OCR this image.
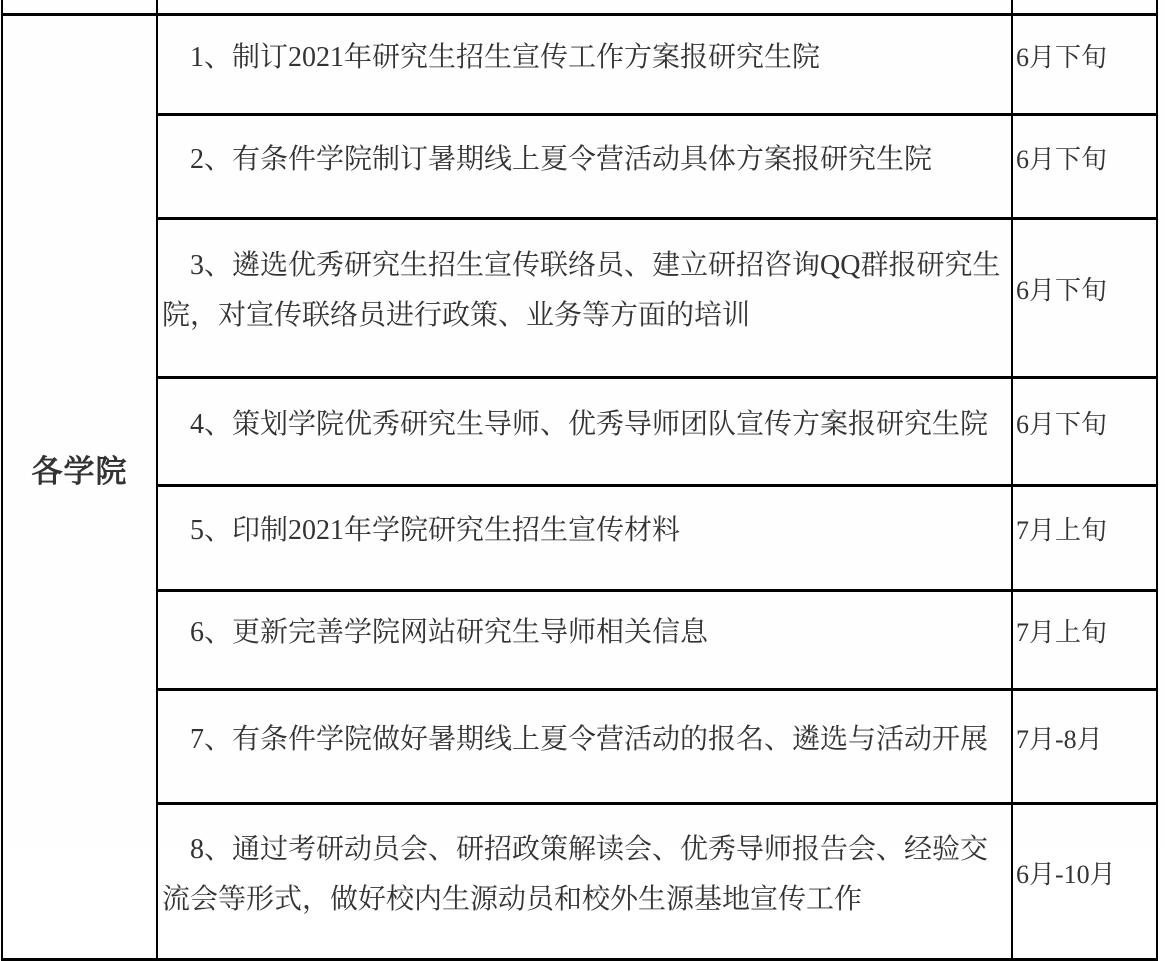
各学院	1、制订2021年研究生招生宣传工作方案报研究生院	6月下旬
	2、有条件学院制订暑期线上夏令营活动具体方案报研究生院	6月下旬
	3、遴选优秀研究生招生宣传联络员、建立研招咨询QQ群报研究生院，对宣传联络员进行政策、业务等方面的培训	6月下旬
	4、策划学院优秀研究生导师、优秀导师团队宣传方案报研究生院	6月下旬
	5、印制2021年学院研究生招生宣传材料	7月上旬
	6、更新完善学院网站研究生导师相关信息	7月上旬
	7、有条件学院做好暑期线上夏令营活动的报名、遴选与活动开展	7月-8月
	8、通过考研动员会、研招政策解读会、优秀导师报告会、经验交流会等形式，做好校内生源动员和校外生源基地宣传工作	6月-10月
